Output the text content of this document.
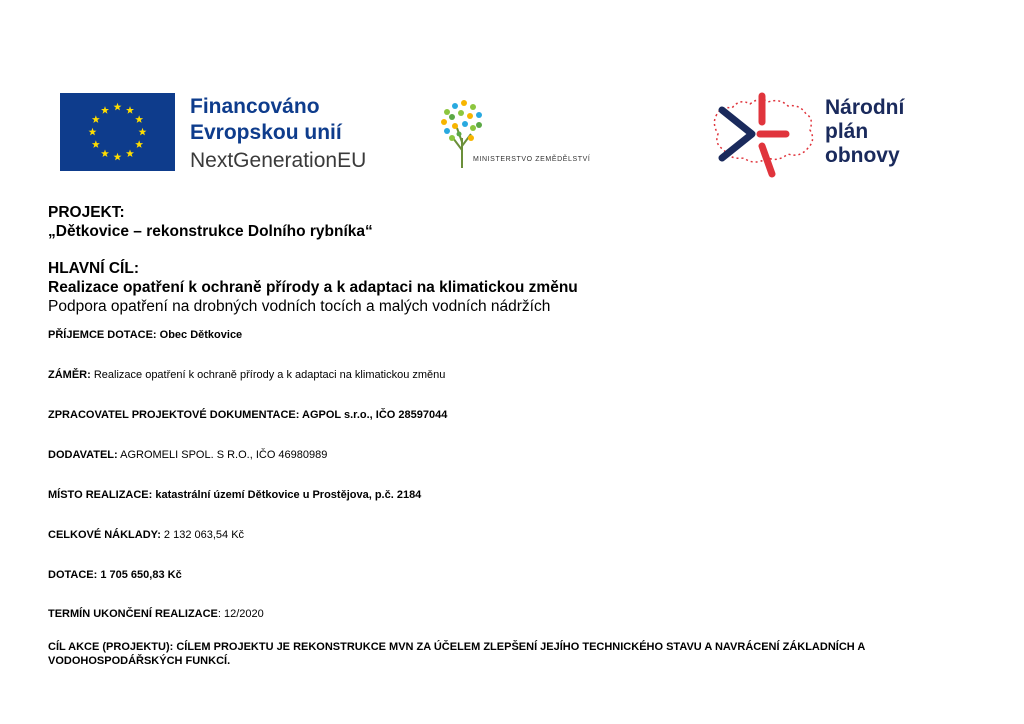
Financováno
Evropskou unií
NextGenerationEU	MINISTERSTVO ZEMĚDĚLSTVÍ
Národní
plán
obnovy
PROJEKT:
„Dětkovice – rekonstrukce Dolního rybníka“
HLAVNÍ CÍL:
Realizace opatření k ochraně přírody a k adaptaci na klimatickou změnu
Podpora opatření na drobných vodních tocích a malých vodních nádržích
PŘÍJEMCE DOTACE: Obec Dětkovice
ZÁMĚR: Realizace opatření k ochraně přírody a k adaptaci na klimatickou změnu
ZPRACOVATEL PROJEKTOVÉ DOKUMENTACE: AGPOL s.r.o., IČO 28597044
DODAVATEL: AGROMELI SPOL. S R.O., IČO 46980989
MÍSTO REALIZACE: katastrální území Dětkovice u Prostějova, p.č. 2184
CELKOVÉ NÁKLADY: 2 132 063,54 Kč
DOTACE: 1 705 650,83 Kč
TERMÍN UKONČENÍ REALIZACE: 12/2020
CÍL AKCE (PROJEKTU): CÍLEM PROJEKTU JE REKONSTRUKCE MVN ZA ÚČELEM ZLEPŠENÍ JEJÍHO TECHNICKÉHO STAVU A NAVRÁCENÍ ZÁKLADNÍCH A
VODOHOSPODÁŘSKÝCH FUNKCÍ.
